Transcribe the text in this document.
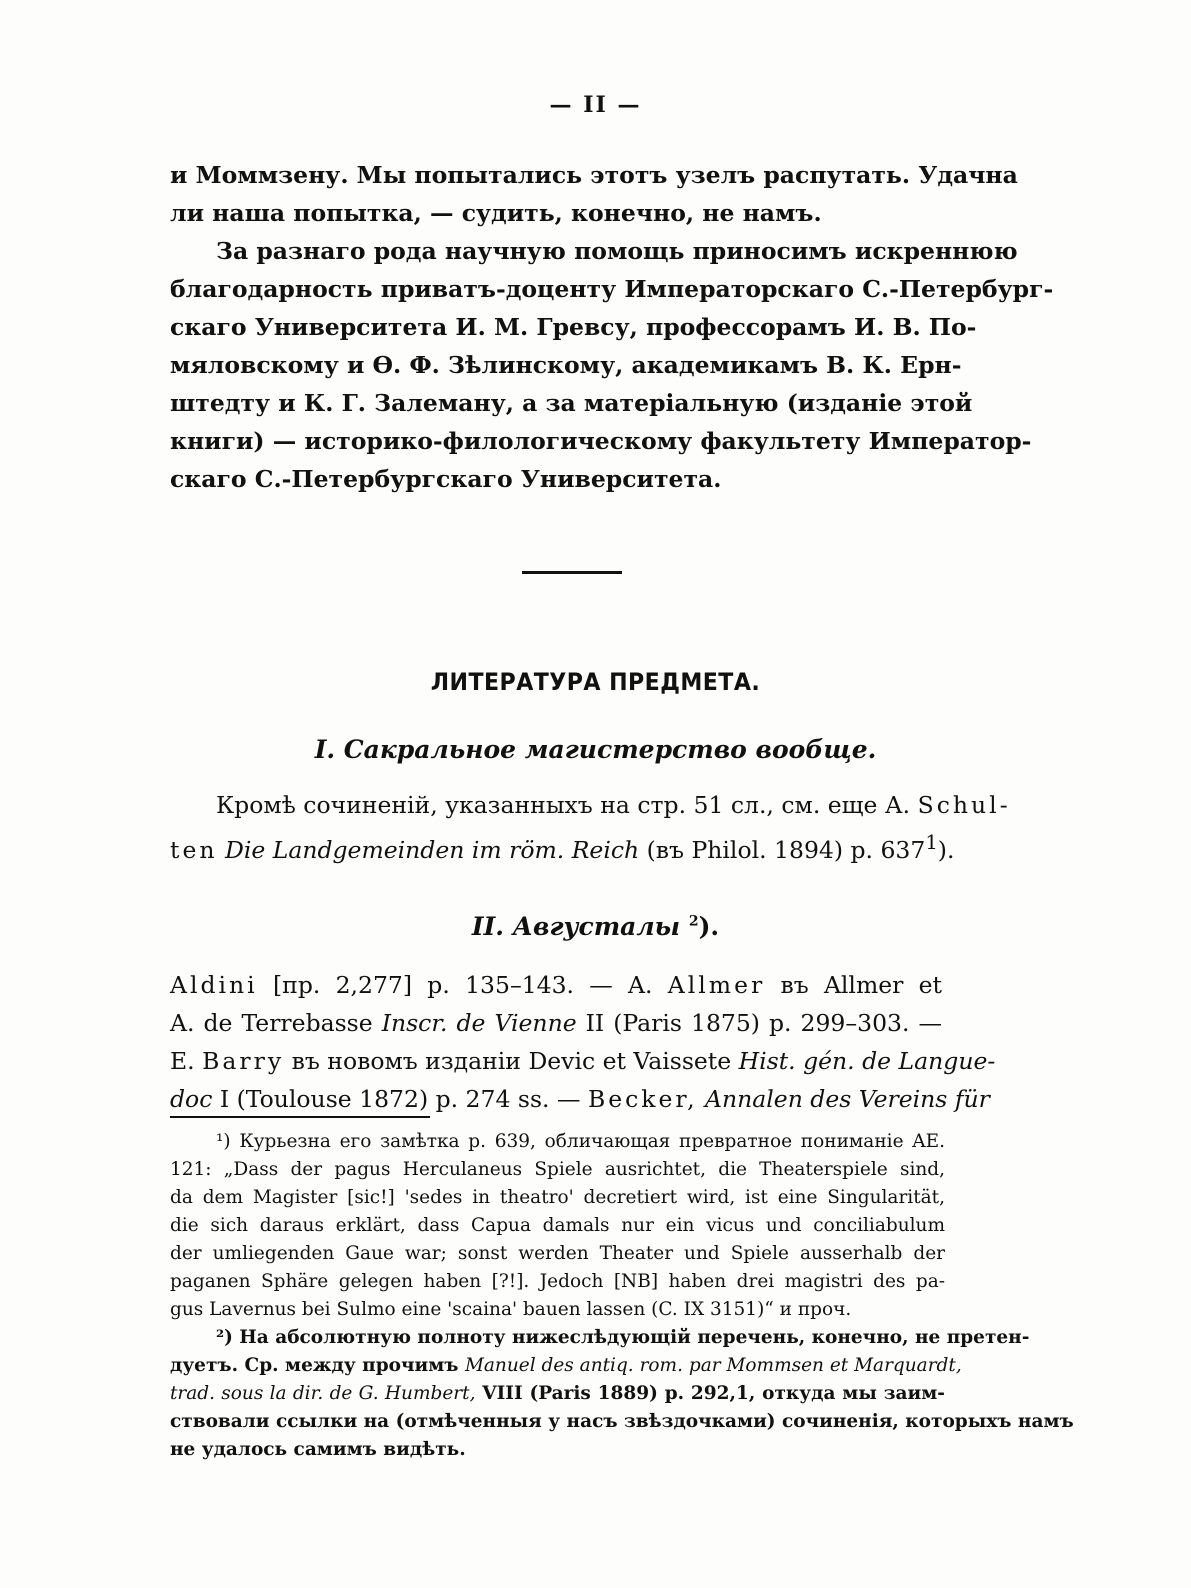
— II —
и Моммзену. Мы попытались этотъ узелъ распутать. Удачна
ли наша попытка, — судить, конечно, не намъ.
За разнаго рода научную помощь приносимъ искреннюю
благодарность приватъ-доценту Императорскаго С.-Петербург-
скаго Университета И. М. Гревсу, профессорамъ И. В. По-
мяловскому и Ѳ. Ф. Зѣлинскому, академикамъ В. К. Ерн-
штедту и К. Г. Залеману, а за матеріальную (изданіе этой
книги) — историко-филологическому факультету Император-
скаго С.-Петербургскаго Университета.
ЛИТЕРАТУРА ПРЕДМЕТА.
I. Сакральное магистерство вообще.
Кромѣ сочиненій, указанныхъ на стр. 51 сл., см. еще А. Schul-
ten Die Landgemeinden im röm. Reich (въ Philol. 1894) p. $637^1$).
II. Августалы $^2$).
Aldini [пр. 2,277] p. 135–143. — A. Allmer въ Allmer et
A. de Terrebasse Inscr. de Vienne II (Paris 1875) p. 299–303. —
E. Barry въ новомъ изданіи Devic et Vaissete Hist. gén. de Langue-
doc I (Toulouse 1872) p. 274 ss. — Becker, Annalen des Vereins für
¹) Курьезна его замѣтка p. 639, обличающая превратное пониманіе AE.
121: „Dass der pagus Herculaneus Spiele ausrichtet, die Theaterspiele sind,
da dem Magister [sic!] 'sedes in theatro' decretiert wird, ist eine Singularität,
die sich daraus erklärt, dass Capua damals nur ein vicus und conciliabulum
der umliegenden Gaue war; sonst werden Theater und Spiele ausserhalb der
paganen Sphäre gelegen haben [?!]. Jedoch [NB] haben drei magistri des pa-
gus Lavernus bei Sulmo eine 'scaina' bauen lassen (C. IX 3151)“ и проч.
²) На абсолютную полноту нижеслѣдующій перечень, конечно, не претен-
дуетъ. Ср. между прочимъ Manuel des antiq. rom. par Mommsen et Marquardt,
trad. sous la dir. de G. Humbert, VIII (Paris 1889) p. 292,1, откуда мы заим-
ствовали ссылки на (отмѣченныя у насъ звѣздочками) сочиненія, которыхъ намъ
не удалось самимъ видѣть.
